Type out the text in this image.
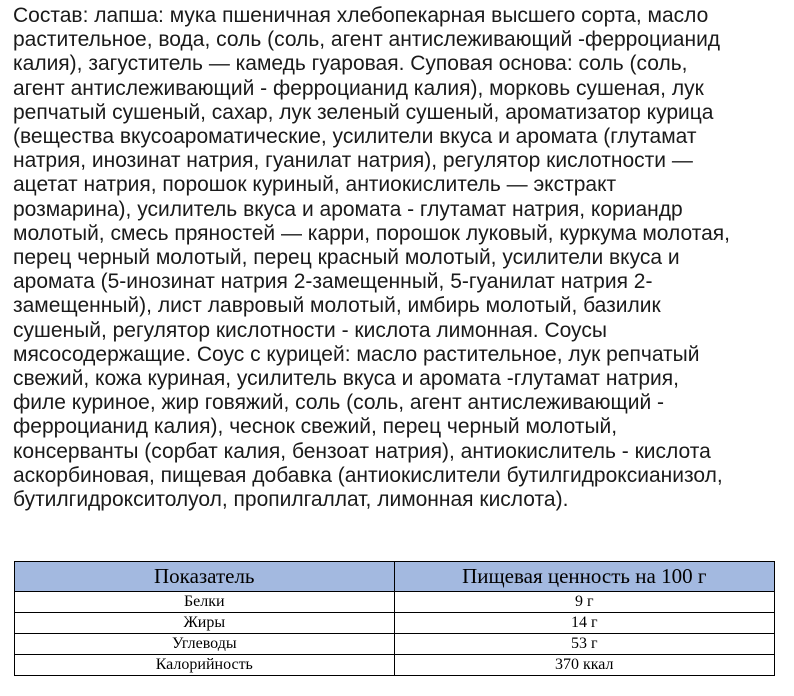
Состав: лапша: мука пшеничная хлебопекарная высшего сорта, масло
растительное, вода, соль (соль, агент антислеживающий -ферроцианид
калия), загуститель — камедь гуаровая. Суповая основа: соль (соль,
агент антислеживающий - ферроцианид калия), морковь сушеная, лук
репчатый сушеный, сахар, лук зеленый сушеный, ароматизатор курица
(вещества вкусоароматические, усилители вкуса и аромата (глутамат
натрия, инозинат натрия, гуанилат натрия), регулятор кислотности —
ацетат натрия, порошок куриный, антиокислитель — экстракт
розмарина), усилитель вкуса и аромата - глутамат натрия, кориандр
молотый, смесь пряностей — карри, порошок луковый, куркума молотая,
перец черный молотый, перец красный молотый, усилители вкуса и
аромата (5-инозинат натрия 2-замещенный, 5-гуанилат натрия 2-
замещенный), лист лавровый молотый, имбирь молотый, базилик
сушеный, регулятор кислотности - кислота лимонная. Соусы
мясосодержащие. Соус с курицей: масло растительное, лук репчатый
свежий, кожа куриная, усилитель вкуса и аромата -глутамат натрия,
филе куриное, жир говяжий, соль (соль, агент антислеживающий -
ферроцианид калия), чеснок свежий, перец черный молотый,
консерванты (сорбат калия, бензоат натрия), антиокислитель - кислота
аскорбиновая, пищевая добавка (антиокислители бутилгидроксианизол,
бутилгидрокситолуол, пропилгаллат, лимонная кислота).
Показатель	Пищевая ценность на 100 г
Белки	9 г
Жиры	14 г
Углеводы	53 г
Калорийность	370 ккал
